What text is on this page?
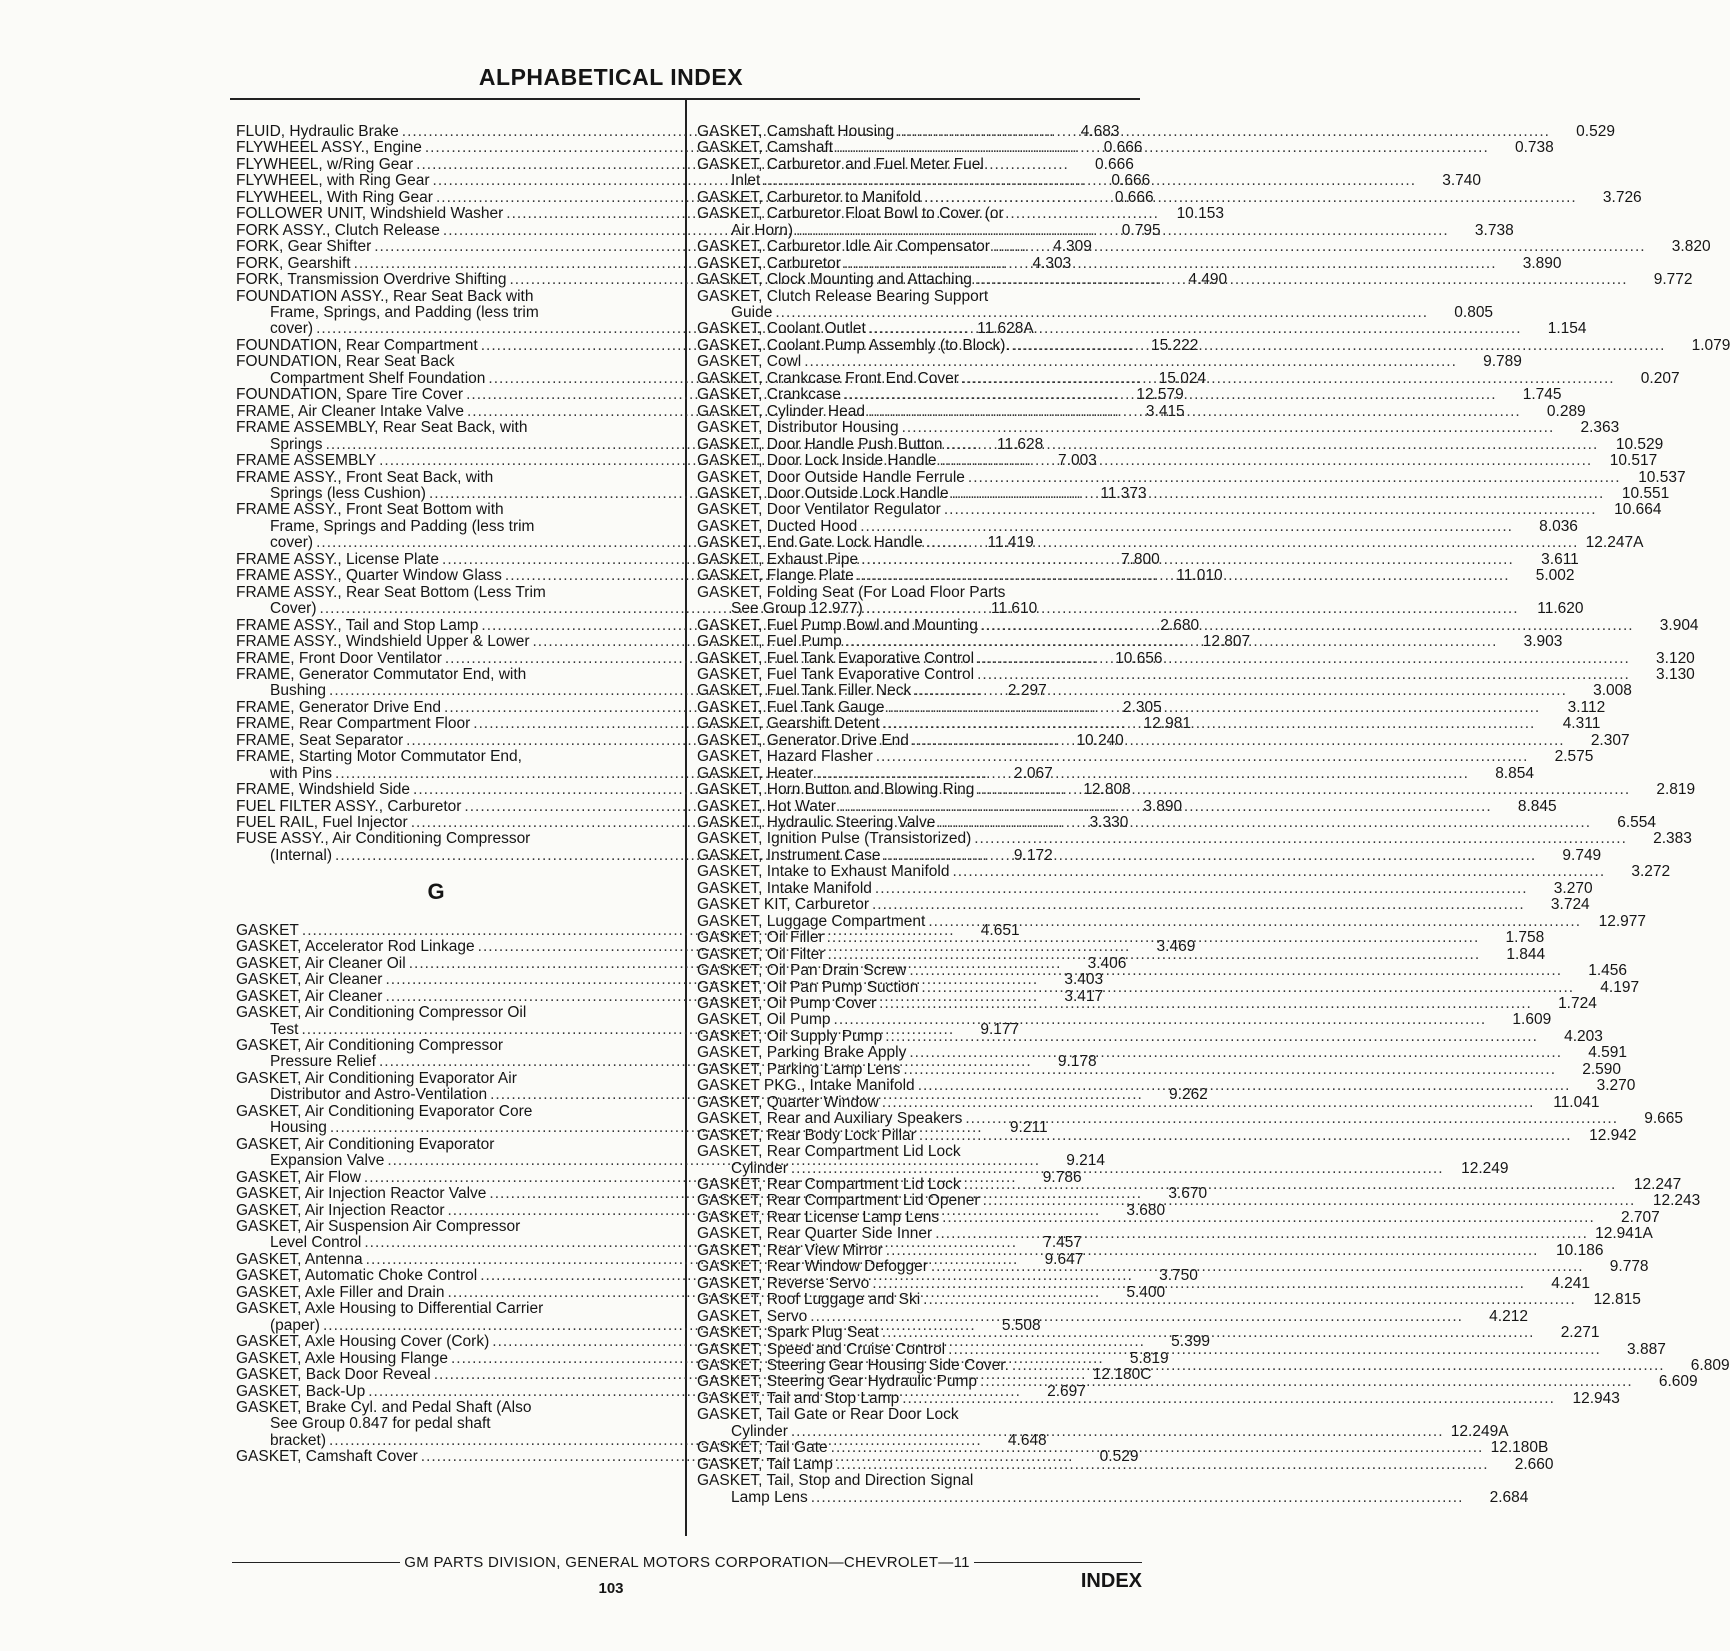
ALPHABETICAL INDEX
FLUID, Hydraulic Brake .....	4.683
FLYWHEEL ASSY., Engine .....	0.666
FLYWHEEL, w/Ring Gear .....	0.666
FLYWHEEL, with Ring Gear .....	0.666
FLYWHEEL, With Ring Gear .....	0.666
FOLLOWER UNIT, Windshield Washer .....	10.153
FORK ASSY., Clutch Release .....	0.795
FORK, Gear Shifter .....	4.309
FORK, Gearshift .....	4.303
FORK, Transmission Overdrive Shifting .....	4.490
FOUNDATION ASSY., Rear Seat Back with
Frame, Springs, and Padding (less trim
cover) .....	11.628A
FOUNDATION, Rear Compartment .....	15.222
FOUNDATION, Rear Seat Back
Compartment Shelf Foundation .....	15.024
FOUNDATION, Spare Tire Cover .....	12.579
FRAME, Air Cleaner Intake Valve .....	3.415
FRAME ASSEMBLY, Rear Seat Back, with
Springs .....	11.628
FRAME ASSEMBLY .....	7.003
FRAME ASSY., Front Seat Back, with
Springs (less Cushion) .....	11.373
FRAME ASSY., Front Seat Bottom with
Frame, Springs and Padding (less trim
cover) .....	11.419
FRAME ASSY., License Plate .....	7.800
FRAME ASSY., Quarter Window Glass .....	11.010
FRAME ASSY., Rear Seat Bottom (Less Trim
Cover) .....	11.610
FRAME ASSY., Tail and Stop Lamp .....	2.680
FRAME ASSY., Windshield Upper & Lower .....	12.807
FRAME, Front Door Ventilator .....	10.656
FRAME, Generator Commutator End, with
Bushing .....	2.297
FRAME, Generator Drive End .....	2.305
FRAME, Rear Compartment Floor .....	12.981
FRAME, Seat Separator .....	10.240
FRAME, Starting Motor Commutator End,
with Pins .....	2.067
FRAME, Windshield Side .....	12.808
FUEL FILTER ASSY., Carburetor .....	3.890
FUEL RAIL, Fuel Injector .....	3.330
FUSE ASSY., Air Conditioning Compressor
(Internal) .....	9.172
G
GASKET .....	4.651
GASKET, Accelerator Rod Linkage .....	3.469
GASKET, Air Cleaner Oil .....	3.406
GASKET, Air Cleaner .....	3.403
GASKET, Air Cleaner .....	3.417
GASKET, Air Conditioning Compressor Oil
Test .....	9.177
GASKET, Air Conditioning Compressor
Pressure Relief .....	9.178
GASKET, Air Conditioning Evaporator Air
Distributor and Astro-Ventilation .....	9.262
GASKET, Air Conditioning Evaporator Core
Housing .....	9.211
GASKET, Air Conditioning Evaporator
Expansion Valve .....	9.214
GASKET, Air Flow .....	9.786
GASKET, Air Injection Reactor Valve .....	3.670
GASKET, Air Injection Reactor .....	3.680
GASKET, Air Suspension Air Compressor
Level Control .....	7.457
GASKET, Antenna .....	9.647
GASKET, Automatic Choke Control .....	3.750
GASKET, Axle Filler and Drain .....	5.400
GASKET, Axle Housing to Differential Carrier
(paper) .....	5.508
GASKET, Axle Housing Cover (Cork) .....	5.399
GASKET, Axle Housing Flange .....	5.819
GASKET, Back Door Reveal .....	12.180C
GASKET, Back-Up .....	2.697
GASKET, Brake Cyl. and Pedal Shaft (Also
See Group 0.847 for pedal shaft
bracket) .....	4.648
GASKET, Camshaft Cover .....	0.529
GASKET, Camshaft Housing .....	0.529
GASKET, Camshaft .....	0.738
GASKET, Carburetor and Fuel Meter Fuel
Inlet .....	3.740
GASKET, Carburetor to Manifold .....	3.726
GASKET, Carburetor Float Bowl to Cover (or
Air Horn) .....	3.738
GASKET, Carburetor Idle Air Compensator .....	3.820
GASKET, Carburetor .....	3.890
GASKET, Clock Mounting and Attaching .....	9.772
GASKET, Clutch Release Bearing Support
Guide .....	0.805
GASKET, Coolant Outlet .....	1.154
GASKET, Coolant Pump Assembly (to Block). .....	1.079
GASKET, Cowl .....	9.789
GASKET, Crankcase Front End Cover .....	0.207
GASKET, Crankcase .....	1.745
GASKET, Cylinder Head .....	0.289
GASKET, Distributor Housing .....	2.363
GASKET, Door Handle Push Button .....	10.529
GASKET, Door Lock Inside Handle .....	10.517
GASKET, Door Outside Handle Ferrule .....	10.537
GASKET, Door Outside Lock Handle .....	10.551
GASKET, Door Ventilator Regulator .....	10.664
GASKET, Ducted Hood .....	8.036
GASKET, End Gate Lock Handle .....	12.247A
GASKET, Exhaust Pipe .....	3.611
GASKET, Flange Plate .....	5.002
GASKET, Folding Seat (For Load Floor Parts
See Group 12.977) .....	11.620
GASKET, Fuel Pump Bowl and Mounting .....	3.904
GASKET, Fuel Pump .....	3.903
GASKET, Fuel Tank Evaporative Control .....	3.120
GASKET, Fuel Tank Evaporative Control .....	3.130
GASKET, Fuel Tank Filler Neck .....	3.008
GASKET, Fuel Tank Gauge .....	3.112
GASKET, Gearshift Detent .....	4.311
GASKET, Generator Drive End .....	2.307
GASKET, Hazard Flasher .....	2.575
GASKET, Heater .....	8.854
GASKET, Horn Button and Blowing Ring .....	2.819
GASKET, Hot Water .....	8.845
GASKET, Hydraulic Steering Valve .....	6.554
GASKET, Ignition Pulse (Transistorized) .....	2.383
GASKET, Instrument Case .....	9.749
GASKET, Intake to Exhaust Manifold .....	3.272
GASKET, Intake Manifold .....	3.270
GASKET KIT, Carburetor .....	3.724
GASKET, Luggage Compartment .....	12.977
GASKET, Oil Filler .....	1.758
GASKET, Oil Filter .....	1.844
GASKET, Oil Pan Drain Screw .....	1.456
GASKET, Oil Pan Pump Suction .....	4.197
GASKET, Oil Pump Cover .....	1.724
GASKET, Oil Pump .....	1.609
GASKET, Oil Supply Pump .....	4.203
GASKET, Parking Brake Apply .....	4.591
GASKET, Parking Lamp Lens .....	2.590
GASKET PKG., Intake Manifold .....	3.270
GASKET, Quarter Window .....	11.041
GASKET, Rear and Auxiliary Speakers .....	9.665
GASKET, Rear Body Lock Pillar .....	12.942
GASKET, Rear Compartment Lid Lock
Cylinder .....	12.249
GASKET, Rear Compartment Lid Lock .....	12.247
GASKET, Rear Compartment Lid Opener .....	12.243
GASKET, Rear License Lamp Lens .....	2.707
GASKET, Rear Quarter Side Inner .....	12.941A
GASKET, Rear View Mirror .....	10.186
GASKET, Rear Window Defogger .....	9.778
GASKET, Reverse Servo .....	4.241
GASKET, Roof Luggage and Ski .....	12.815
GASKET, Servo .....	4.212
GASKET, Spark Plug Seat .....	2.271
GASKET, Speed and Cruise Control .....	3.887
GASKET, Steering Gear Housing Side Cover. .....	6.809
GASKET, Steering Gear Hydraulic Pump .....	6.609
GASKET, Tail and Stop Lamp .....	12.943
GASKET, Tail Gate or Rear Door Lock
Cylinder .....	12.249A
GASKET, Tail Gate .....	12.180B
GASKET, Tail Lamp .....	2.660
GASKET, Tail, Stop and Direction Signal
Lamp Lens .....	2.684
GM PARTS DIVISION, GENERAL MOTORS CORPORATION—CHEVROLET—11
103	INDEX
